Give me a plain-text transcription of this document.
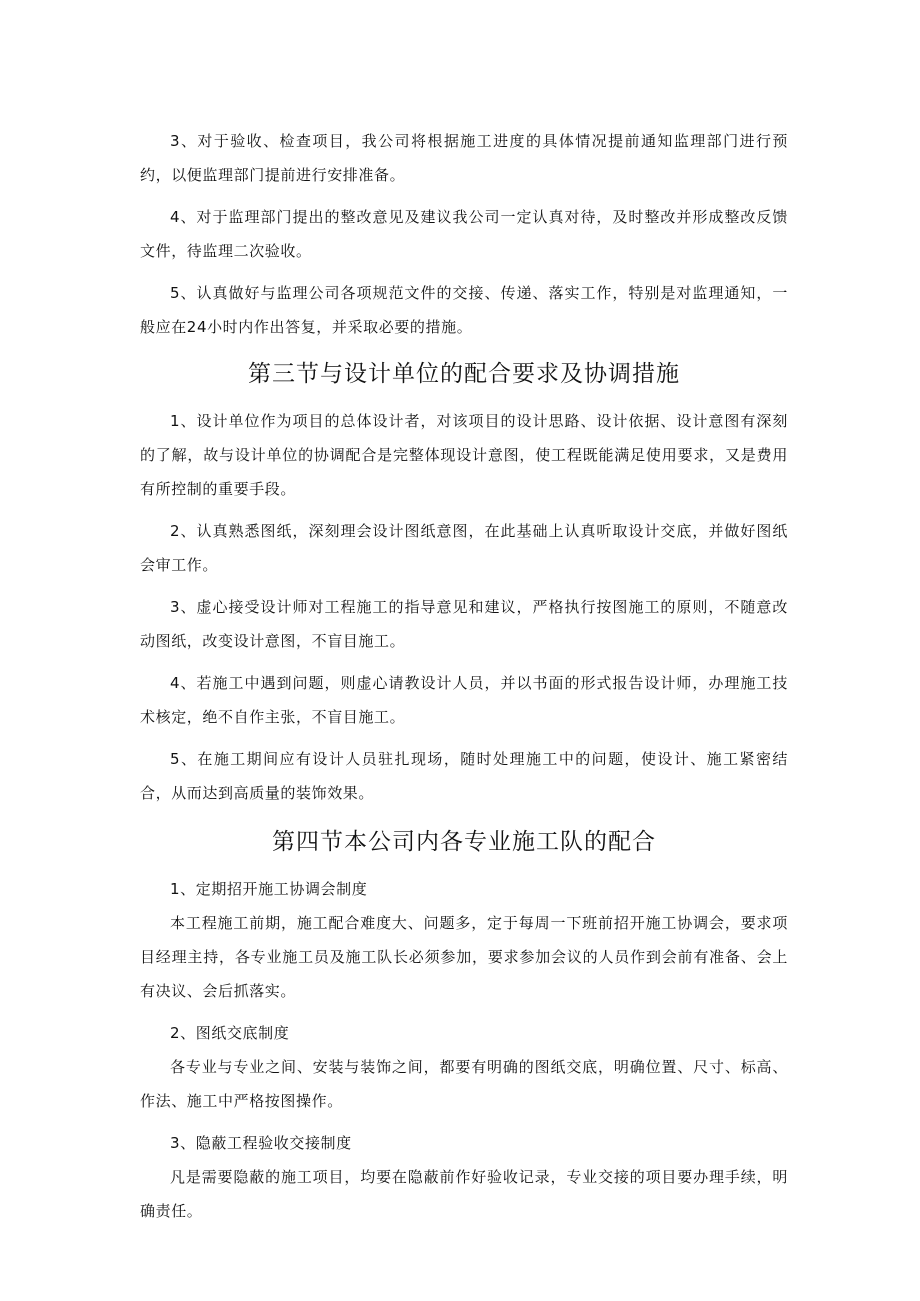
3、对于验收、检查项目，我公司将根据施工进度的具体情况提前通知监理部门进行预约，以便监理部门提前进行安排准备。

4、对于监理部门提出的整改意见及建议我公司一定认真对待，及时整改并形成整改反馈文件，待监理二次验收。

5、认真做好与监理公司各项规范文件的交接、传递、落实工作，特别是对监理通知，一般应在24小时内作出答复，并采取必要的措施。

第三节与设计单位的配合要求及协调措施

1、设计单位作为项目的总体设计者，对该项目的设计思路、设计依据、设计意图有深刻的了解，故与设计单位的协调配合是完整体现设计意图，使工程既能满足使用要求，又是费用有所控制的重要手段。

2、认真熟悉图纸，深刻理会设计图纸意图，在此基础上认真听取设计交底，并做好图纸会审工作。

3、虚心接受设计师对工程施工的指导意见和建议，严格执行按图施工的原则，不随意改动图纸，改变设计意图，不盲目施工。

4、若施工中遇到问题，则虚心请教设计人员，并以书面的形式报告设计师，办理施工技术核定，绝不自作主张，不盲目施工。

5、在施工期间应有设计人员驻扎现场，随时处理施工中的问题，使设计、施工紧密结合，从而达到高质量的装饰效果。

第四节本公司内各专业施工队的配合

1、定期招开施工协调会制度

本工程施工前期，施工配合难度大、问题多，定于每周一下班前招开施工协调会，要求项目经理主持，各专业施工员及施工队长必须参加，要求参加会议的人员作到会前有准备、会上有决议、会后抓落实。

2、图纸交底制度

各专业与专业之间、安装与装饰之间，都要有明确的图纸交底，明确位置、尺寸、标高、作法、施工中严格按图操作。

3、隐蔽工程验收交接制度

凡是需要隐蔽的施工项目，均要在隐蔽前作好验收记录，专业交接的项目要办理手续，明确责任。
